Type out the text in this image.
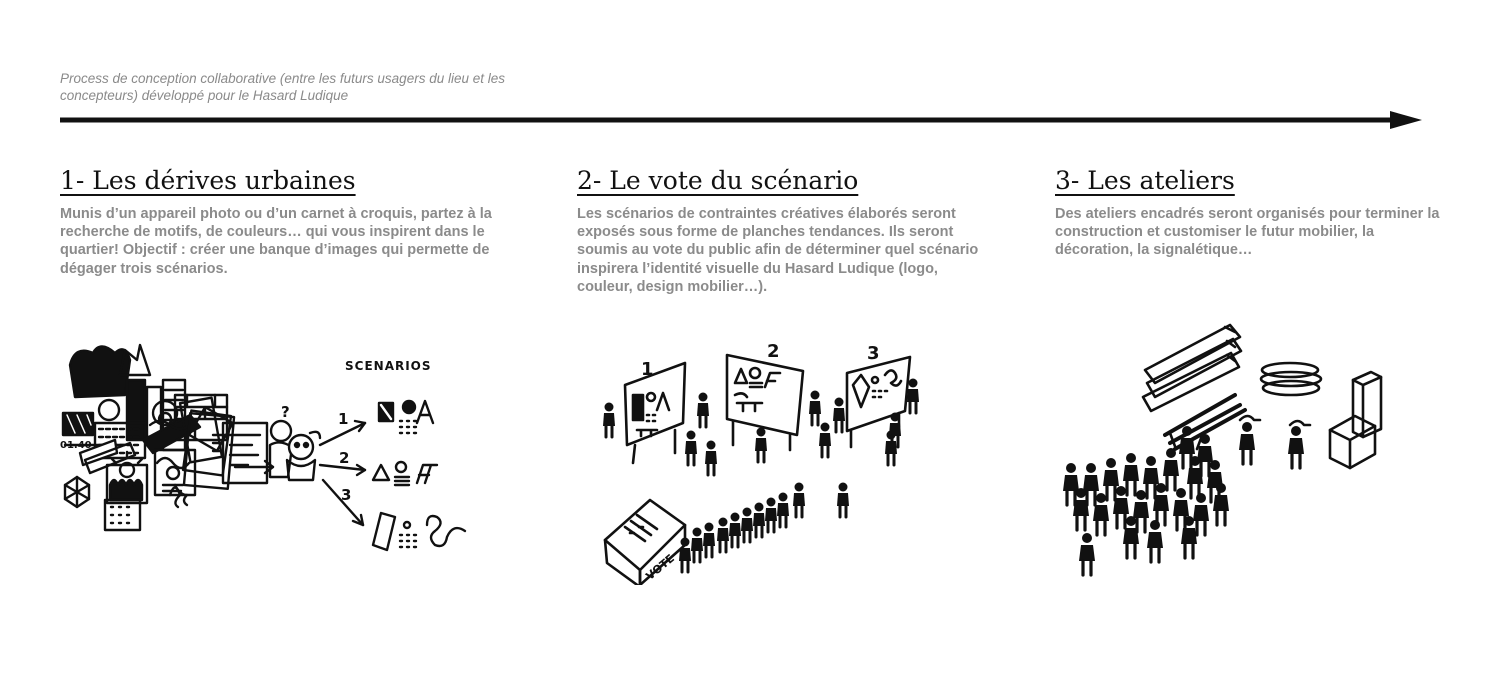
Process de conception collaborative (entre les futurs usagers du lieu et les concepteurs) développé pour le Hasard Ludique
1- Les dérives urbaines

Munis d’un appareil photo ou d’un carnet à croquis, partez à la recherche de motifs, de couleurs… qui vous inspirent dans le quartier! Objectif : créer une banque d’images qui permette de dégager trois scénarios.

2- Le vote du scénario

Les scénarios de contraintes créatives élaborés seront exposés sous forme de planches tendances. Ils seront soumis au vote du public afin de déterminer quel scénario inspirera l’identité visuelle du Hasard Ludique (logo, couleur, design mobilier…).

3- Les ateliers

Des ateliers encadrés seront organisés pour terminer la construction et customiser le futur mobilier, la décoration, la signalétique…

SCENARIOS
1
2
3
?
01.40
1
2	3
VOTE
